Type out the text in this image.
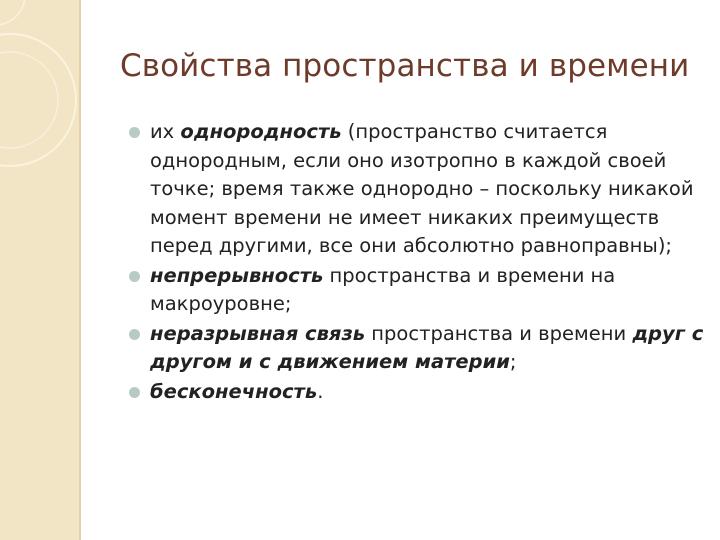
Свойства пространства и времени
их однородность (пространство считается однородным, если оно изотропно в каждой своей точке; время также однородно – поскольку никакой момент времени не имеет никаких преимуществ перед другими, все они абсолютно равноправны);
непрерывность пространства и времени на макроуровне;
неразрывная связь пространства и времени друг с другом и с движением материи;
бесконечность.
